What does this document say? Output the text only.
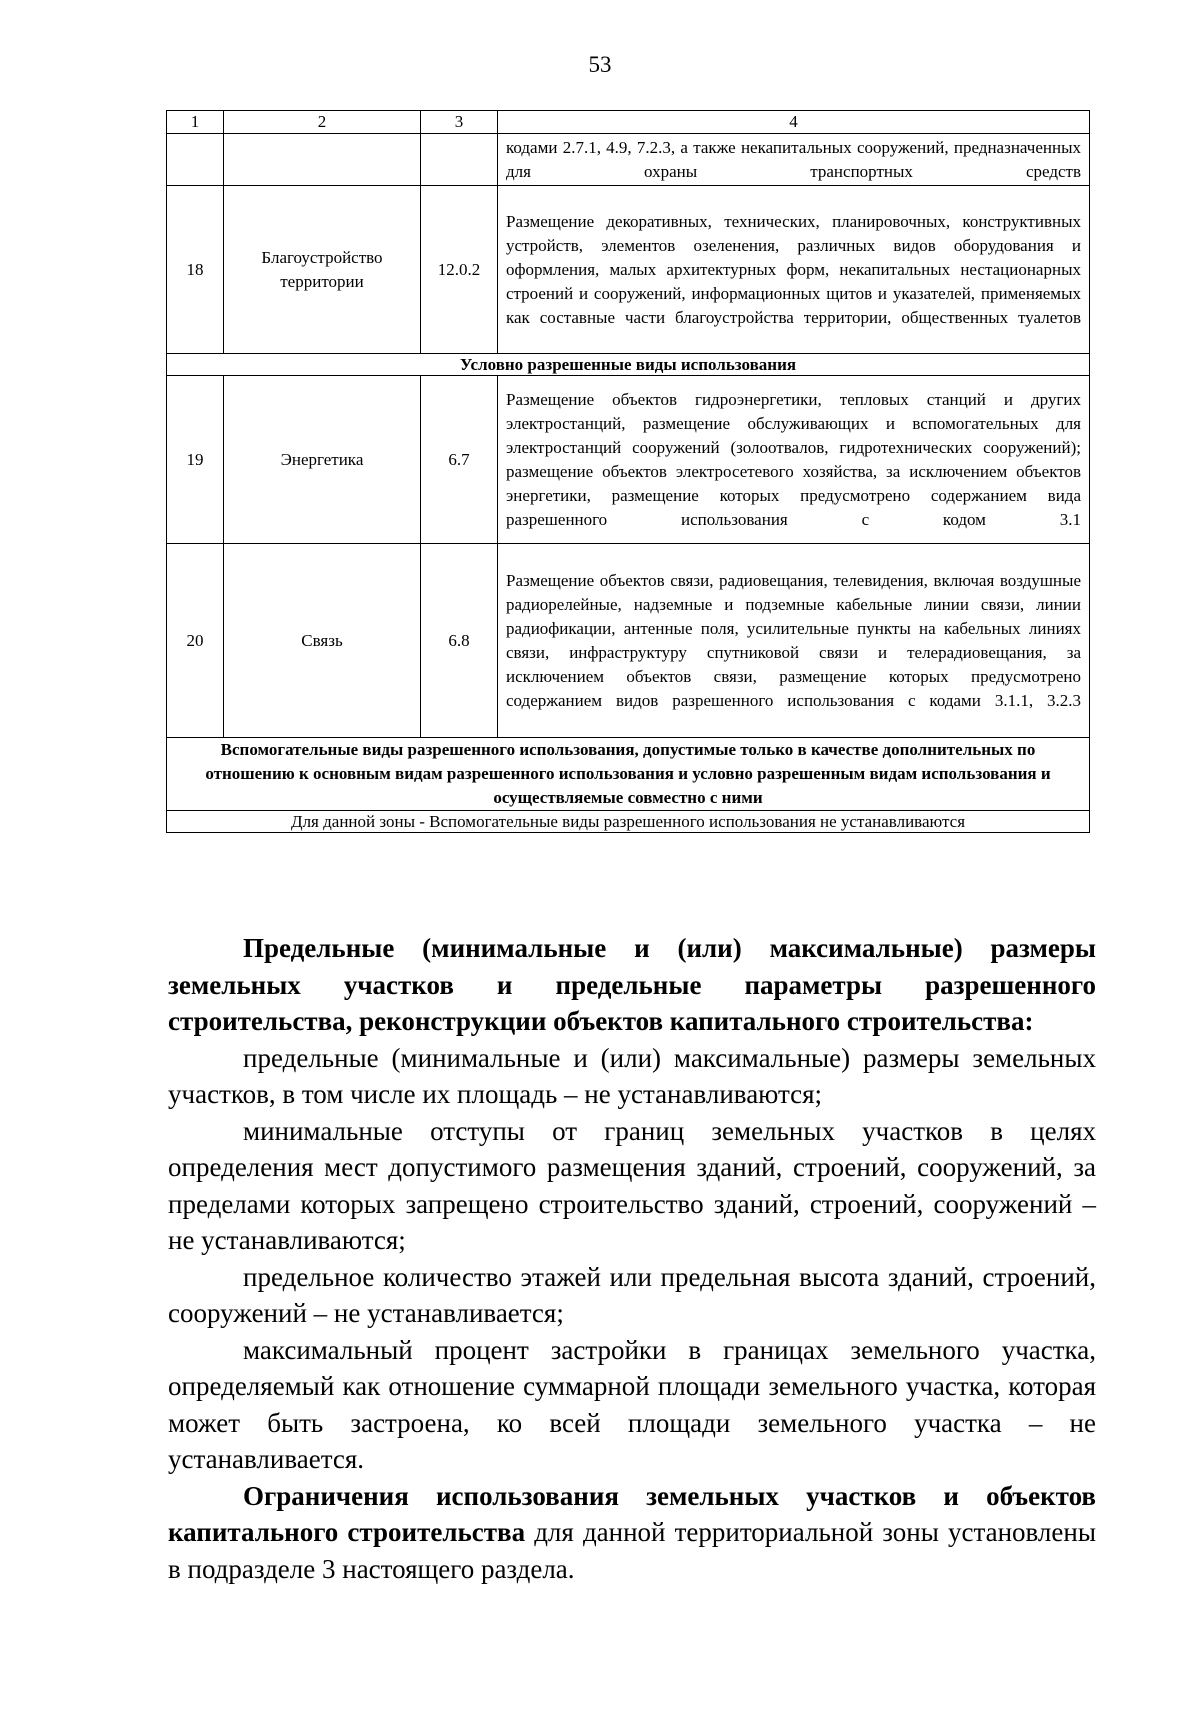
53
1	2	3	4
			кодами 2.7.1, 4.9, 7.2.3, а также некапитальных сооружений, предназначенных для охраны транспортных средств
18	Благоустройство территории	12.0.2	Размещение декоративных, технических, планировочных, конструктивных устройств, элементов озеленения, различных видов оборудования и оформления, малых архитектурных форм, некапитальных нестационарных строений и сооружений, информационных щитов и указателей, применяемых как составные части благоустройства территории, общественных туалетов
Условно разрешенные виды использования			
19	Энергетика	6.7	Размещение объектов гидроэнергетики, тепловых станций и других электростанций, размещение обслуживающих и вспомогательных для электростанций сооружений (золоотвалов, гидротехнических сооружений); размещение объектов электросетевого хозяйства, за исключением объектов энергетики, размещение которых предусмотрено содержанием вида разрешенного использования с кодом 3.1
20	Связь	6.8	Размещение объектов связи, радиовещания, телевидения, включая воздушные радиорелейные, надземные и подземные кабельные линии связи, линии радиофикации, антенные поля, усилительные пункты на кабельных линиях связи, инфраструктуру спутниковой связи и телерадиовещания, за исключением объектов связи, размещение которых предусмотрено содержанием видов разрешенного использования с кодами 3.1.1, 3.2.3
Вспомогательные виды разрешенного использования, допустимые только в качестве дополнительных по отношению к основным видам разрешенного использования и условно разрешенным видам использования и осуществляемые совместно с ними			
Для данной зоны - Вспомогательные виды разрешенного использования не устанавливаются			

Предельные (минимальные и (или) максимальные) размеры земельных участков и предельные параметры разрешенного строительства, реконструкции объектов капитального строительства:

предельные (минимальные и (или) максимальные) размеры земельных участков, в том числе их площадь – не устанавливаются;

минимальные отступы от границ земельных участков в целях определения мест допустимого размещения зданий, строений, сооружений, за пределами которых запрещено строительство зданий, строений, сооружений – не устанавливаются;

предельное количество этажей или предельная высота зданий, строений, сооружений – не устанавливается;

максимальный процент застройки в границах земельного участка, определяемый как отношение суммарной площади земельного участка, которая может быть застроена, ко всей площади земельного участка – не устанавливается.

Ограничения использования земельных участков и объектов капитального строительства для данной территориальной зоны установлены в подразделе 3 настоящего раздела.
